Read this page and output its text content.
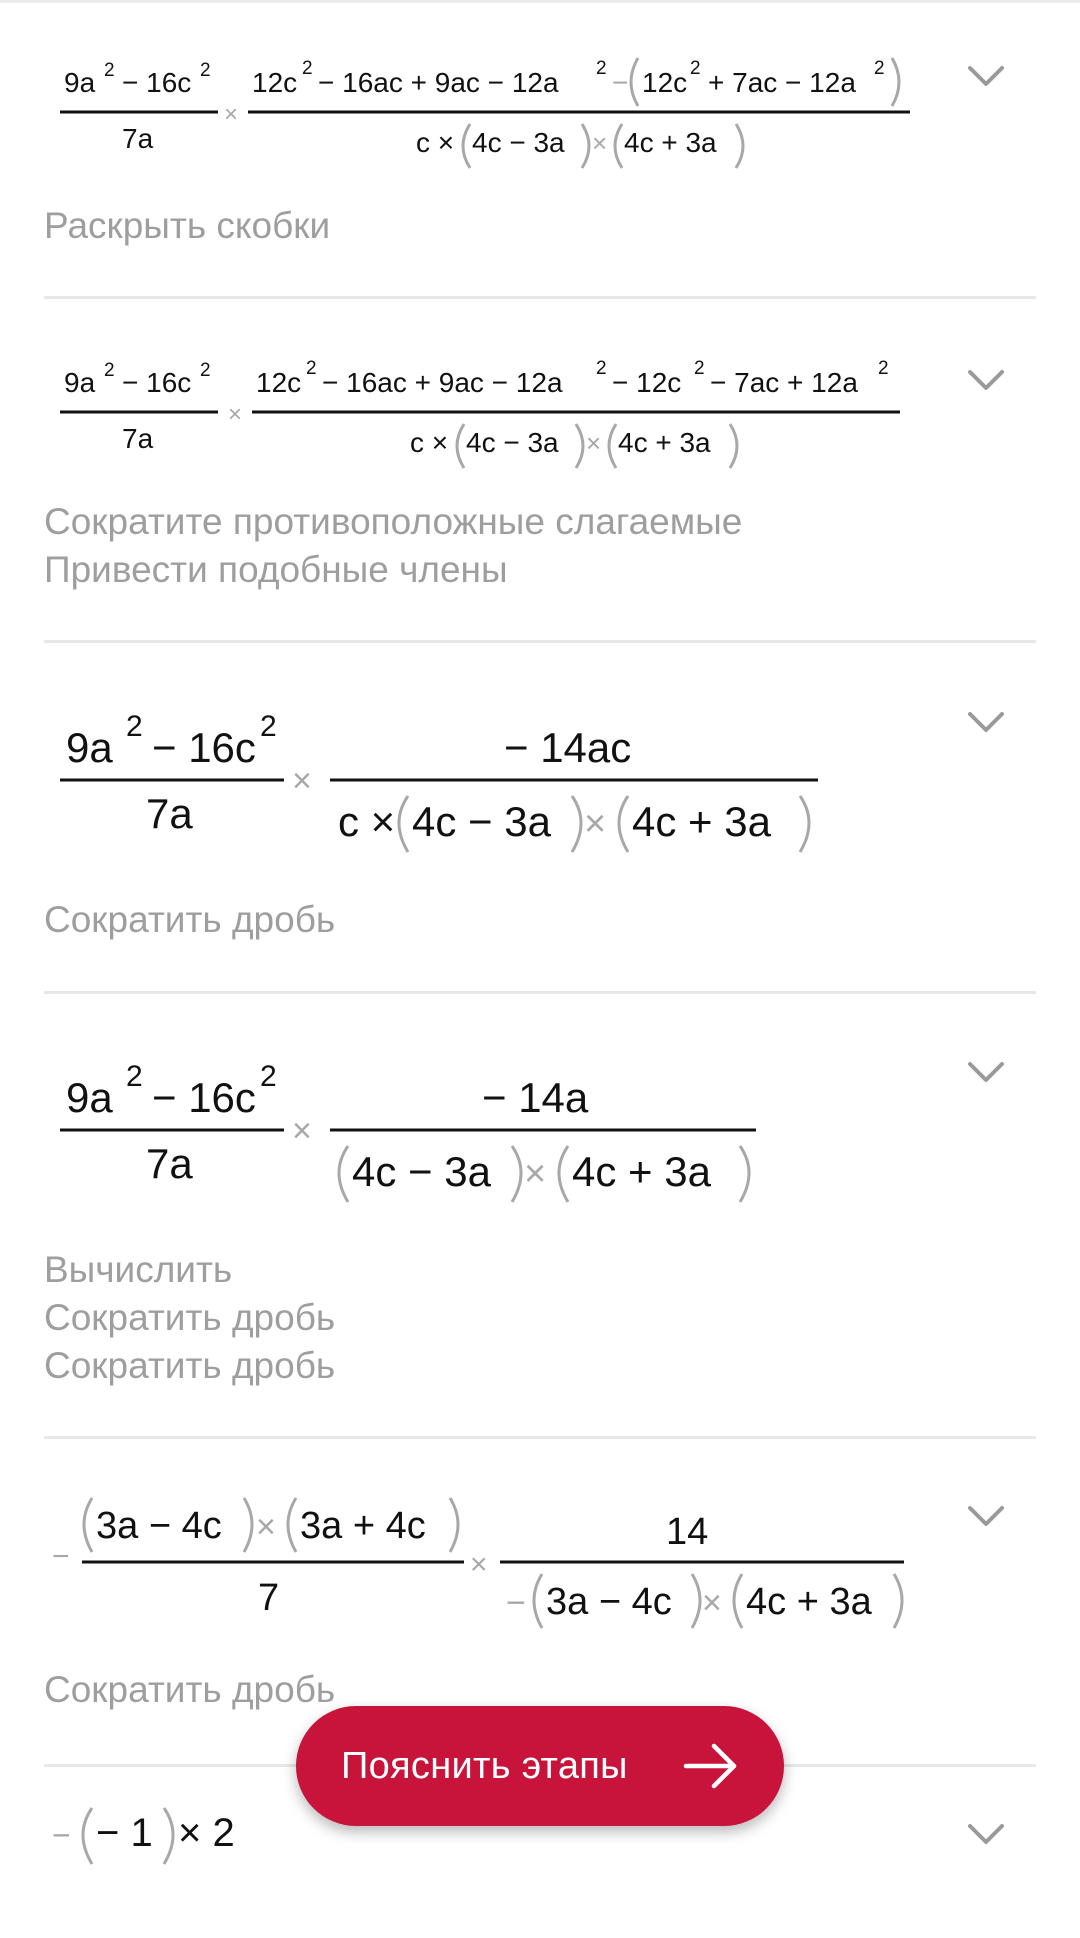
9a 2 − 16c 2
7a
×
12c 2 − 16ac + 9ac − 12a 2 − 12c 2 + 7ac − 12a 2
c × 4c − 3a × 4c + 3a
Раскрыть скобки
9a 2 − 16c 2
7a
×
12c 2 − 16ac + 9ac − 12a 2 − 12c 2 − 7ac + 12a 2
c × 4c − 3a × 4c + 3a
Сократите противоположные слагаемые
Привести подобные члены
9a 2 − 16c 2
7a
×
− 14ac
c × 4c − 3a × 4c + 3a
Сократить дробь
9a 2 − 16c 2
7a
×
− 14a
4c − 3a × 4c + 3a
Вычислить
Сократить дробь
Сократить дробь
−
3a − 4c × 3a + 4c
7
×
14
− 3a − 4c × 4c + 3a
Сократить дробь
− − 1 × 2
Пояснить этапы
